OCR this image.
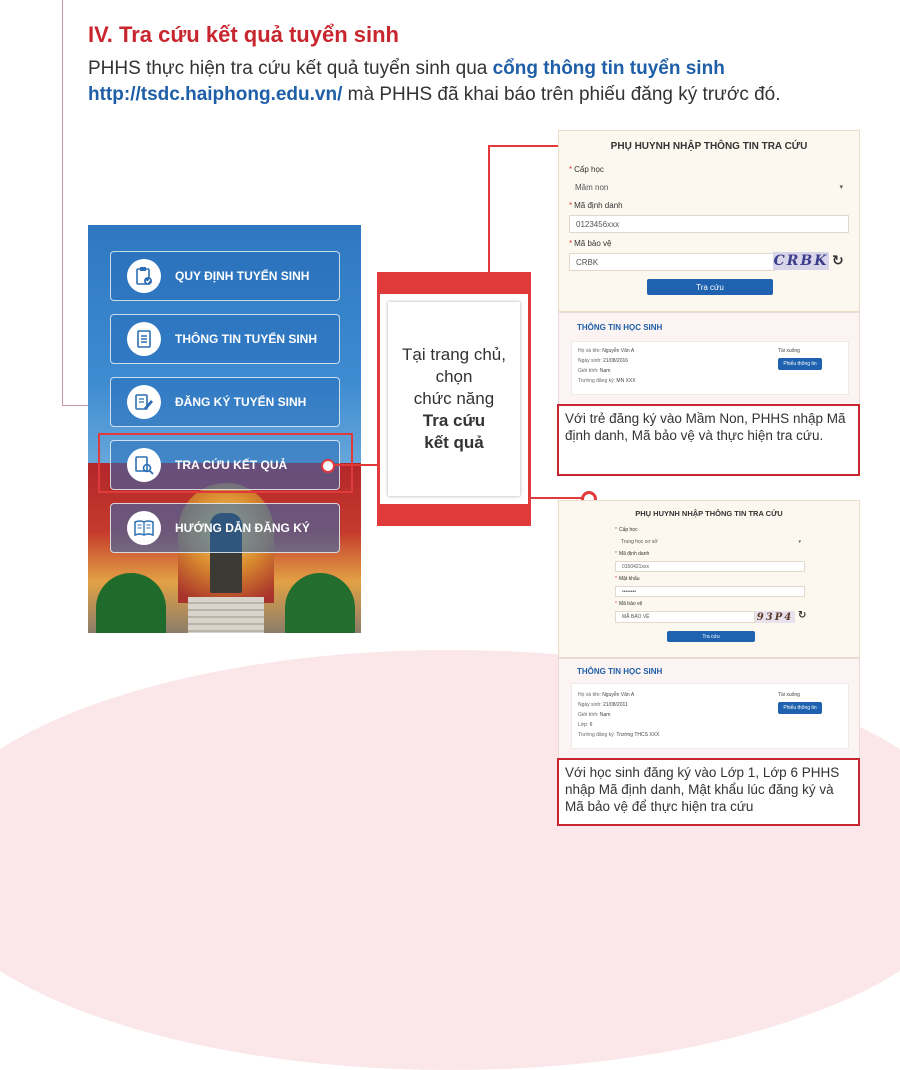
IV. Tra cứu kết quả tuyển sinh

PHHS thực hiện tra cứu kết quả tuyển sinh qua cổng thông tin tuyển sinh
http://tsdc.haiphong.edu.vn/ mà PHHS đã khai báo trên phiếu đăng ký trước đó.

QUY ĐỊNH TUYỂN SINH
THÔNG TIN TUYỂN SINH
ĐĂNG KÝ TUYỂN SINH
TRA CỨU KẾT QUẢ
HƯỚNG DẪN ĐĂNG KÝ
Tại trang chủ,
chọn
chức năng
Tra cứu
kết quả
PHỤ HUYNH NHẬP THÔNG TIN TRA CỨU
* Cấp học
Mầm non	▾
* Mã định danh
0123456xxx
* Mã bảo vệ
CRBK	CRBK ↻
Tra cứu
THÔNG TIN HỌC SINH
Họ và tên: Nguyễn Văn A
Ngày sinh: 21/08/2016
Giới tính: Nam
Trường đăng ký: MN XXX
Tài xuống
Phiếu thông tin
Với trẻ đăng ký vào Mầm Non, PHHS nhập Mã định danh, Mã bảo vệ và thực hiện tra cứu.
PHỤ HUYNH NHẬP THÔNG TIN TRA CỨU
* Cấp học
Trung học cơ sở	▾
* Mã định danh
0150421xxx
* Mật khẩu
••••••••
* Mã bảo vệ
MÃ BẢO VỆ	93P4 ↻
Tra cứu
THÔNG TIN HỌC SINH
Họ và tên: Nguyễn Văn A
Ngày sinh: 21/08/2011
Giới tính: Nam
Lớp: 6
Trường đăng ký: Trường THCS XXX
Tài xuống
Phiếu thông tin
Với học sinh đăng ký vào Lớp 1, Lớp 6 PHHS nhập Mã định danh, Mật khẩu lúc đăng ký và Mã bảo vệ để thực hiện tra cứu
